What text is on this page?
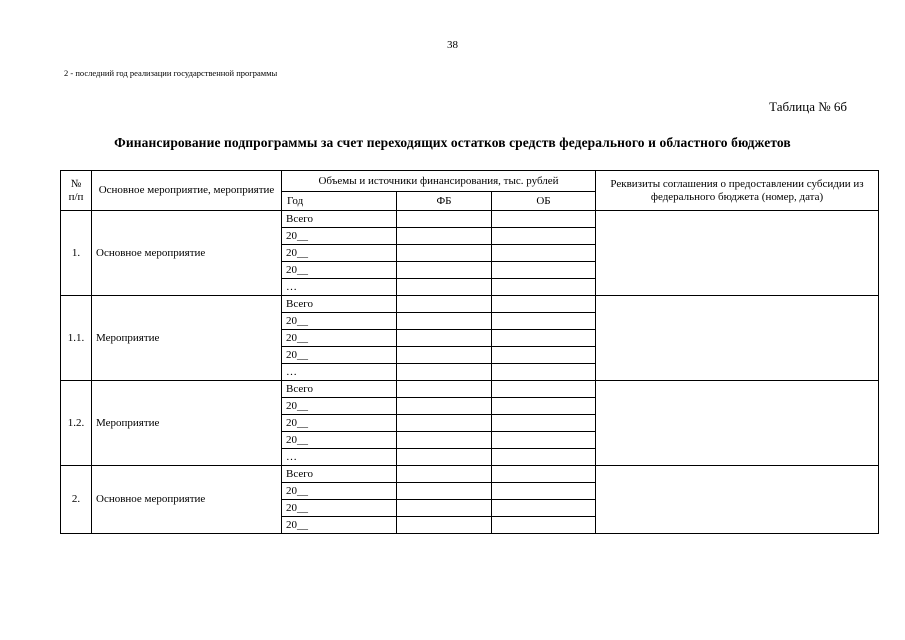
38
2 - последний год реализации государственной программы
Таблица № 6б
Финансирование подпрограммы за счет переходящих остатков средств федерального и областного бюджетов
№ п/п	Основное мероприятие, мероприятие	Объемы и источники финансирования, тыс. рублей			Реквизиты соглашения о предоставлении субсидии из федерального бюджета (номер, дата)
		Год	ФБ	ОБ	
1.	Основное мероприятие	Всего			
		20__			
		20__			
		20__			
		…			
1.1.	Мероприятие	Всего			
		20__			
		20__			
		20__			
		…			
1.2.	Мероприятие	Всего			
		20__			
		20__			
		20__			
		…			
2.	Основное мероприятие	Всего			
		20__			
		20__			
		20__			
